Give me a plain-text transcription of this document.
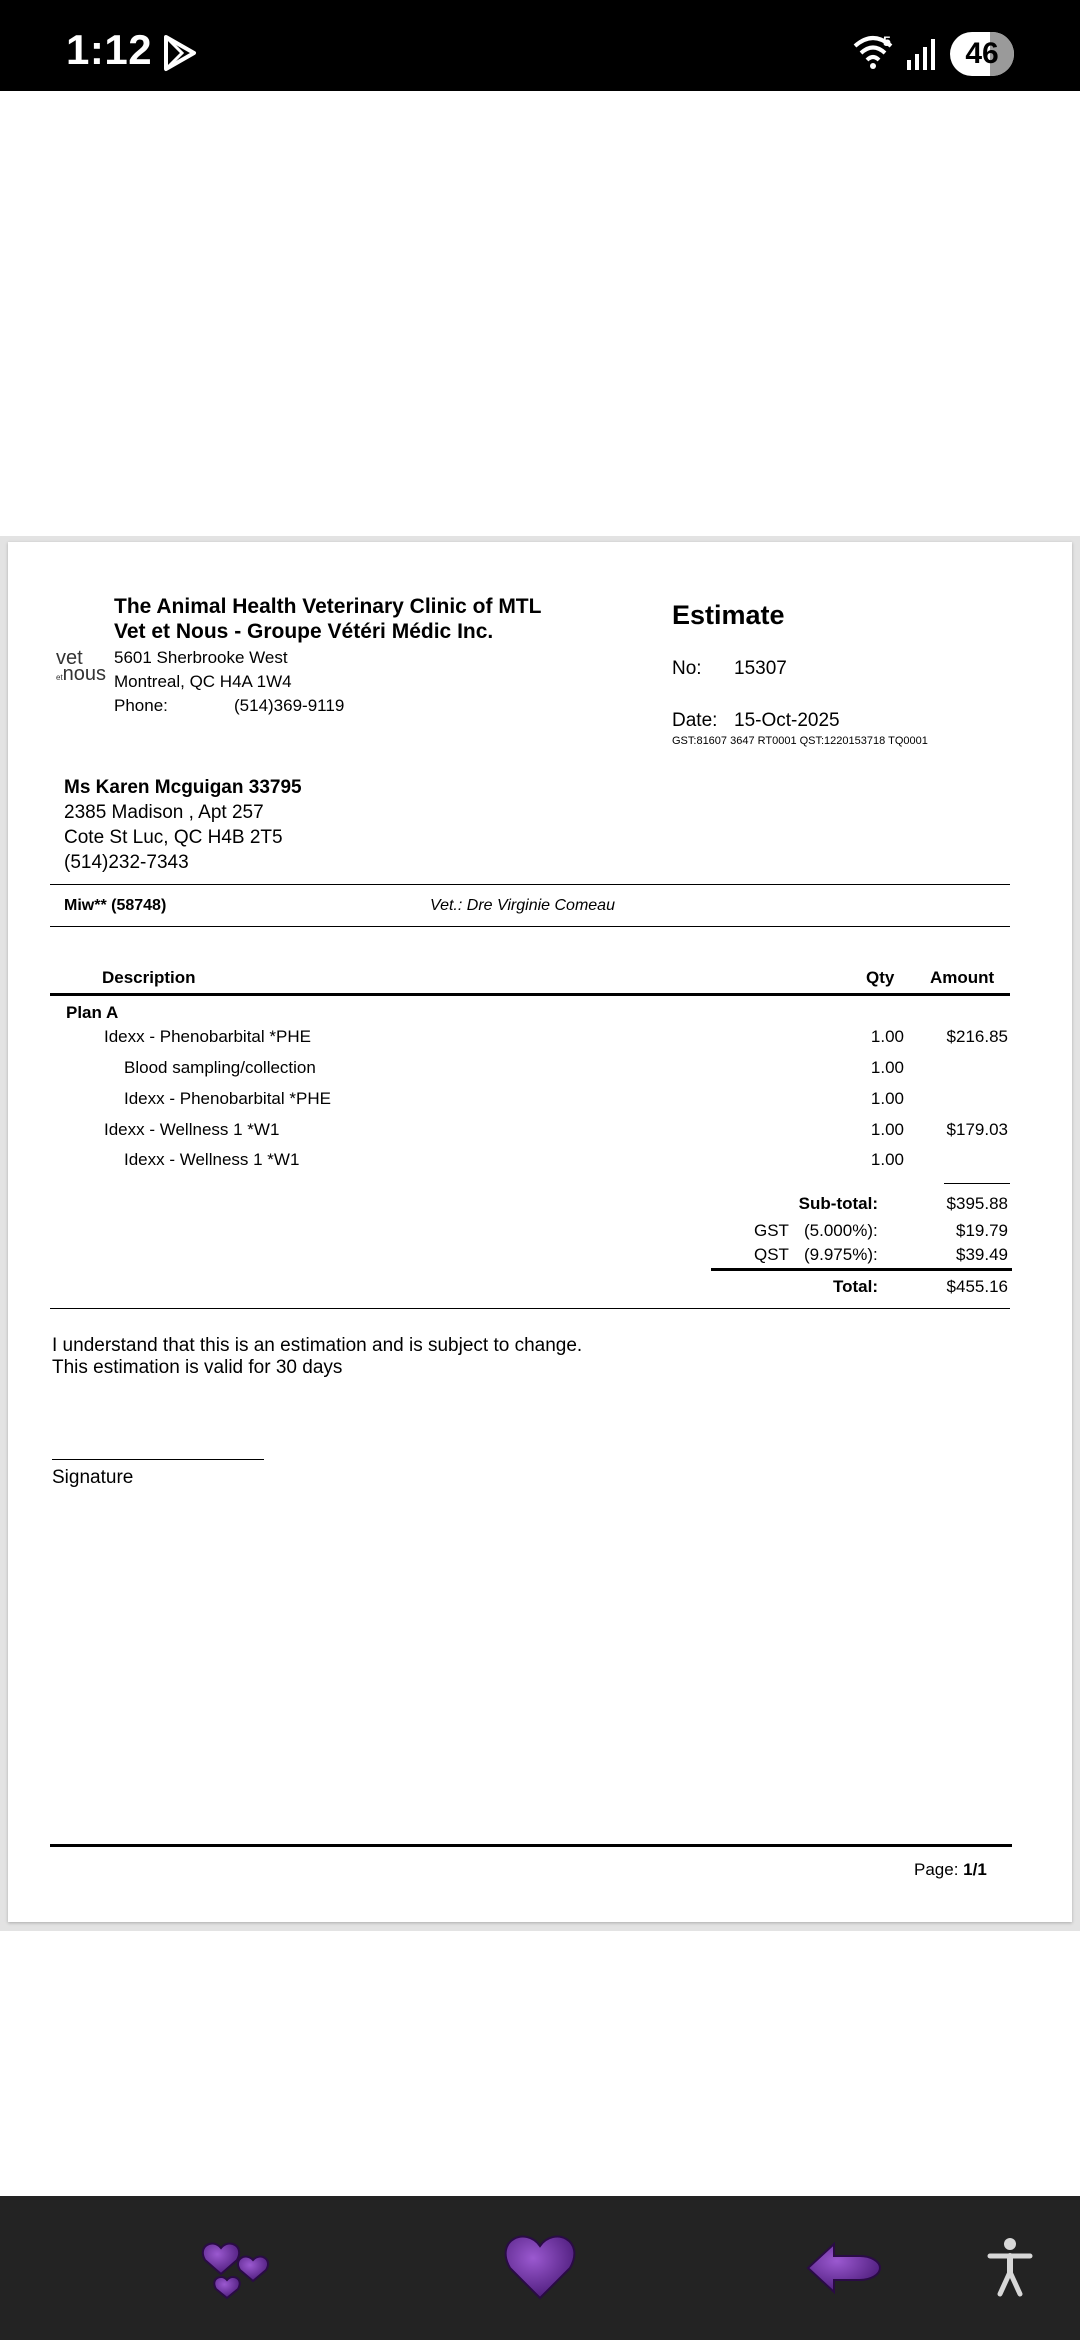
1:12	5	46
vet
etnous
The Animal Health Veterinary Clinic of MTL
Vet et Nous - Groupe Vétéri Médic Inc.
5601 Sherbrooke West
Montreal, QC H4A 1W4
Phone:	(514)369-9119
Estimate
No: 15307
Date: 15-Oct-2025
GST:81607 3647 RT0001 QST:1220153718 TQ0001
Ms Karen Mcguigan 33795
2385 Madison , Apt 257
Cote St Luc, QC H4B 2T5
(514)232-7343
Miw** (58748)	Vet.: Dre Virginie Comeau
Description	Qty Amount
Plan A
Idexx - Phenobarbital *PHE	1.00	$216.85
Blood sampling/collection	1.00
Idexx - Phenobarbital *PHE	1.00
Idexx - Wellness 1 *W1	1.00	$179.03
Idexx - Wellness 1 *W1	1.00
Sub-total:	$395.88
GST (5.000%):	$19.79
QST (9.975%):	$39.49
Total:	$455.16
I understand that this is an estimation and is subject to change.
This estimation is valid for 30 days
Signature
Page: 1/1
